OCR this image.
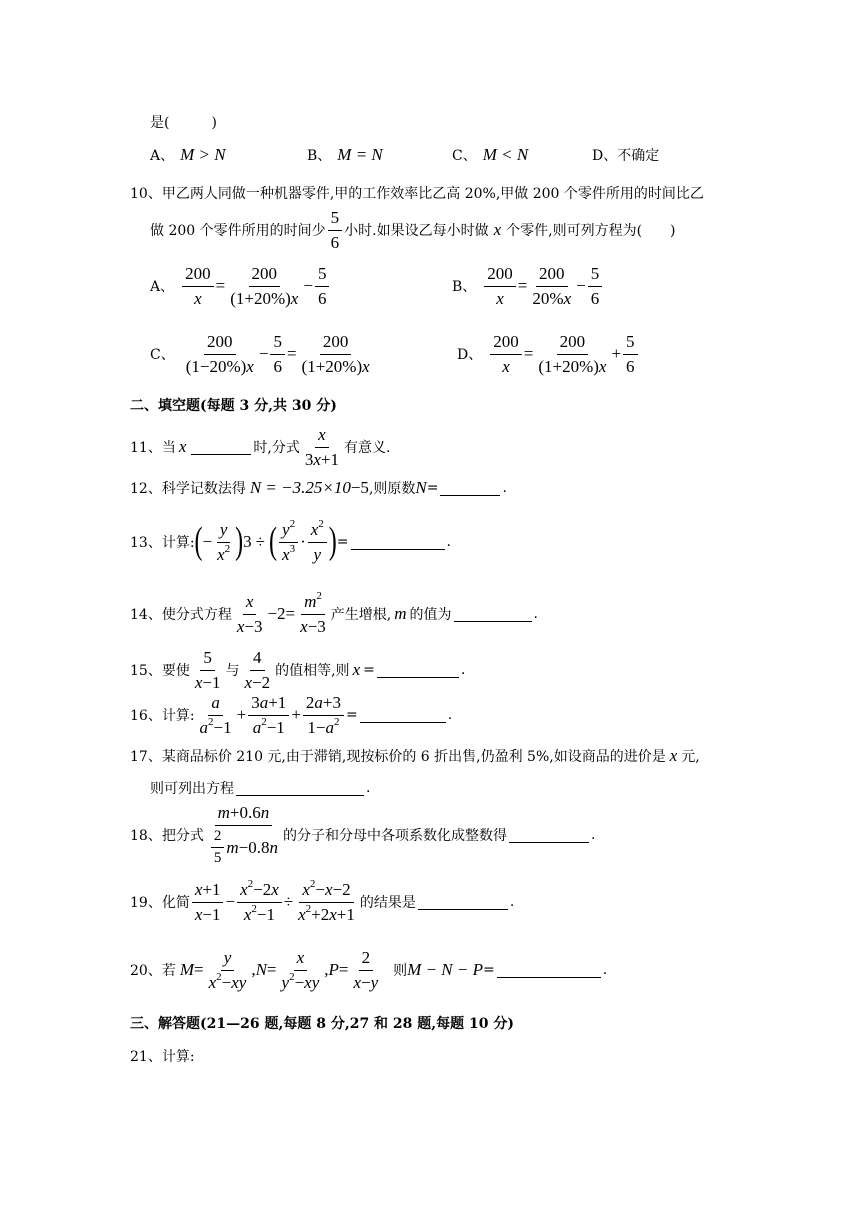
是(　　　)
A、 M > N	B、 M = N	C、 M < N	D、不确定
10、甲乙两人同做一种机器零件,甲的工作效率比乙高 20%,甲做 200 个零件所用的时间比乙
做 200 个零件所用的时间少 $\frac{5}{6}$ 小时.如果设乙每小时做 x 个零件,则可列方程为(　　)
A、 $\frac{200}{x} = \frac{200}{(1+20\%)x} - \frac{5}{6}$	B、 $\frac{200}{x} = \frac{200}{20\%x} - \frac{5}{6}$
C、 $\frac{200}{(1-20\%)x} - \frac{5}{6} = \frac{200}{(1+20\%)x}$	D、 $\frac{200}{x} = \frac{200}{(1+20\%)x} + \frac{5}{6}$
二、填空题(每题 3 分,共 30 分)
11、当 x	时,分式 $\frac{x}{3x+1}$ 有意义.
12、科学记数法得 N = −3.25×10 −5 ,则原数 N =	.
13、计算: ( − $\frac{y}{x^2}$ ) 3 ÷ ( $\frac{y^2}{x^3} \cdot \frac{x^2}{y}$ ) =	.
14、使分式方程 $\frac{x}{x-3} -2= \frac{m^2}{x-3}$ 产生增根, m 的值为	.
15、要使 $\frac{5}{x-1}$ 与 $\frac{4}{x-2}$ 的值相等,则 x =	.
16、计算: $\frac{a}{a^2-1} + \frac{3a+1}{a^2-1} + \frac{2a+3}{1-a^2}$ =	.
17、某商品标价 210 元,由于滞销,现按标价的 6 折出售,仍盈利 5%,如设商品的进价是 x 元,
则可列出方程	.
18、把分式 $\frac{m+0.6n}{\frac{2}{5} m -0.8 n}$ 的分子和分母中各项系数化成整数得	.
19、化简 $\frac{x+1}{x-1} - \frac{x^2-2x}{x^2-1} \div \frac{x^2-x-2}{x^2+2x+1}$ 的结果是	.
20、若 $M = \frac{y}{x^2-xy}$ , $N = \frac{x}{y^2-xy}$ , $P = \frac{2}{x-y}$ 则 M − N − P =	.
三、解答题(21—26 题,每题 8 分,27 和 28 题,每题 10 分)
21、计算:
